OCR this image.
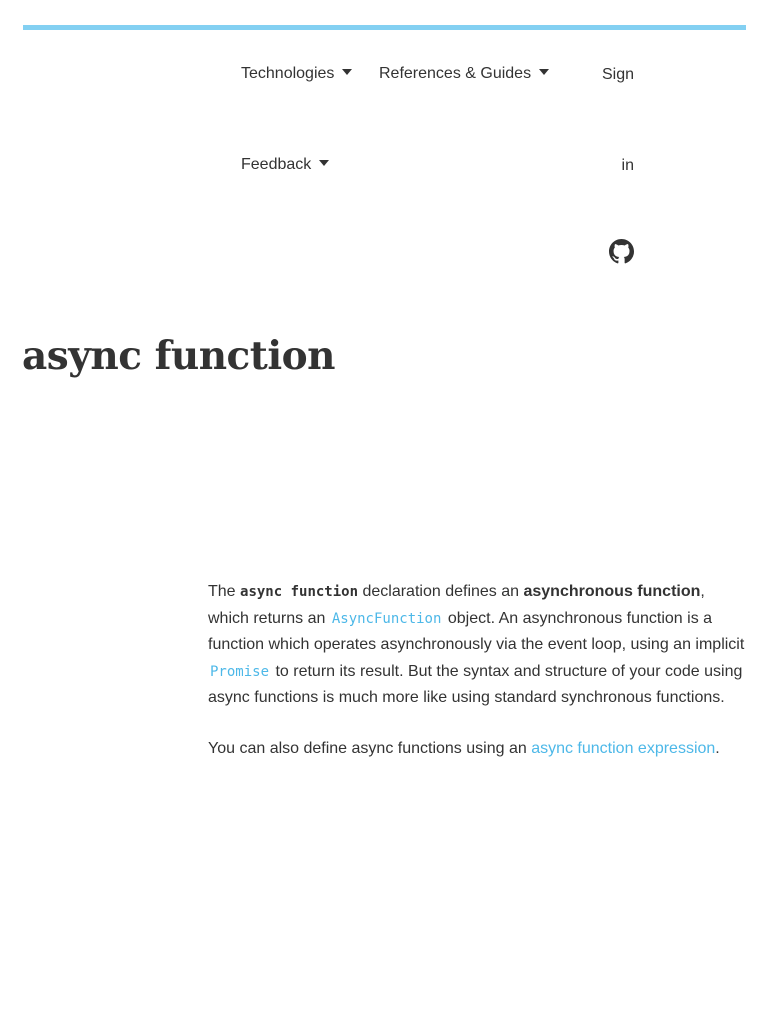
Technologies	References & Guides
Feedback
Sign
in
async function

The async function declaration defines an asynchronous function, which returns an AsyncFunction object. An asynchronous function is a function which operates asynchronously via the event loop, using an implicit Promise to return its result. But the syntax and structure of your code using async functions is much more like using standard synchronous functions.

You can also define async functions using an async function expression.
